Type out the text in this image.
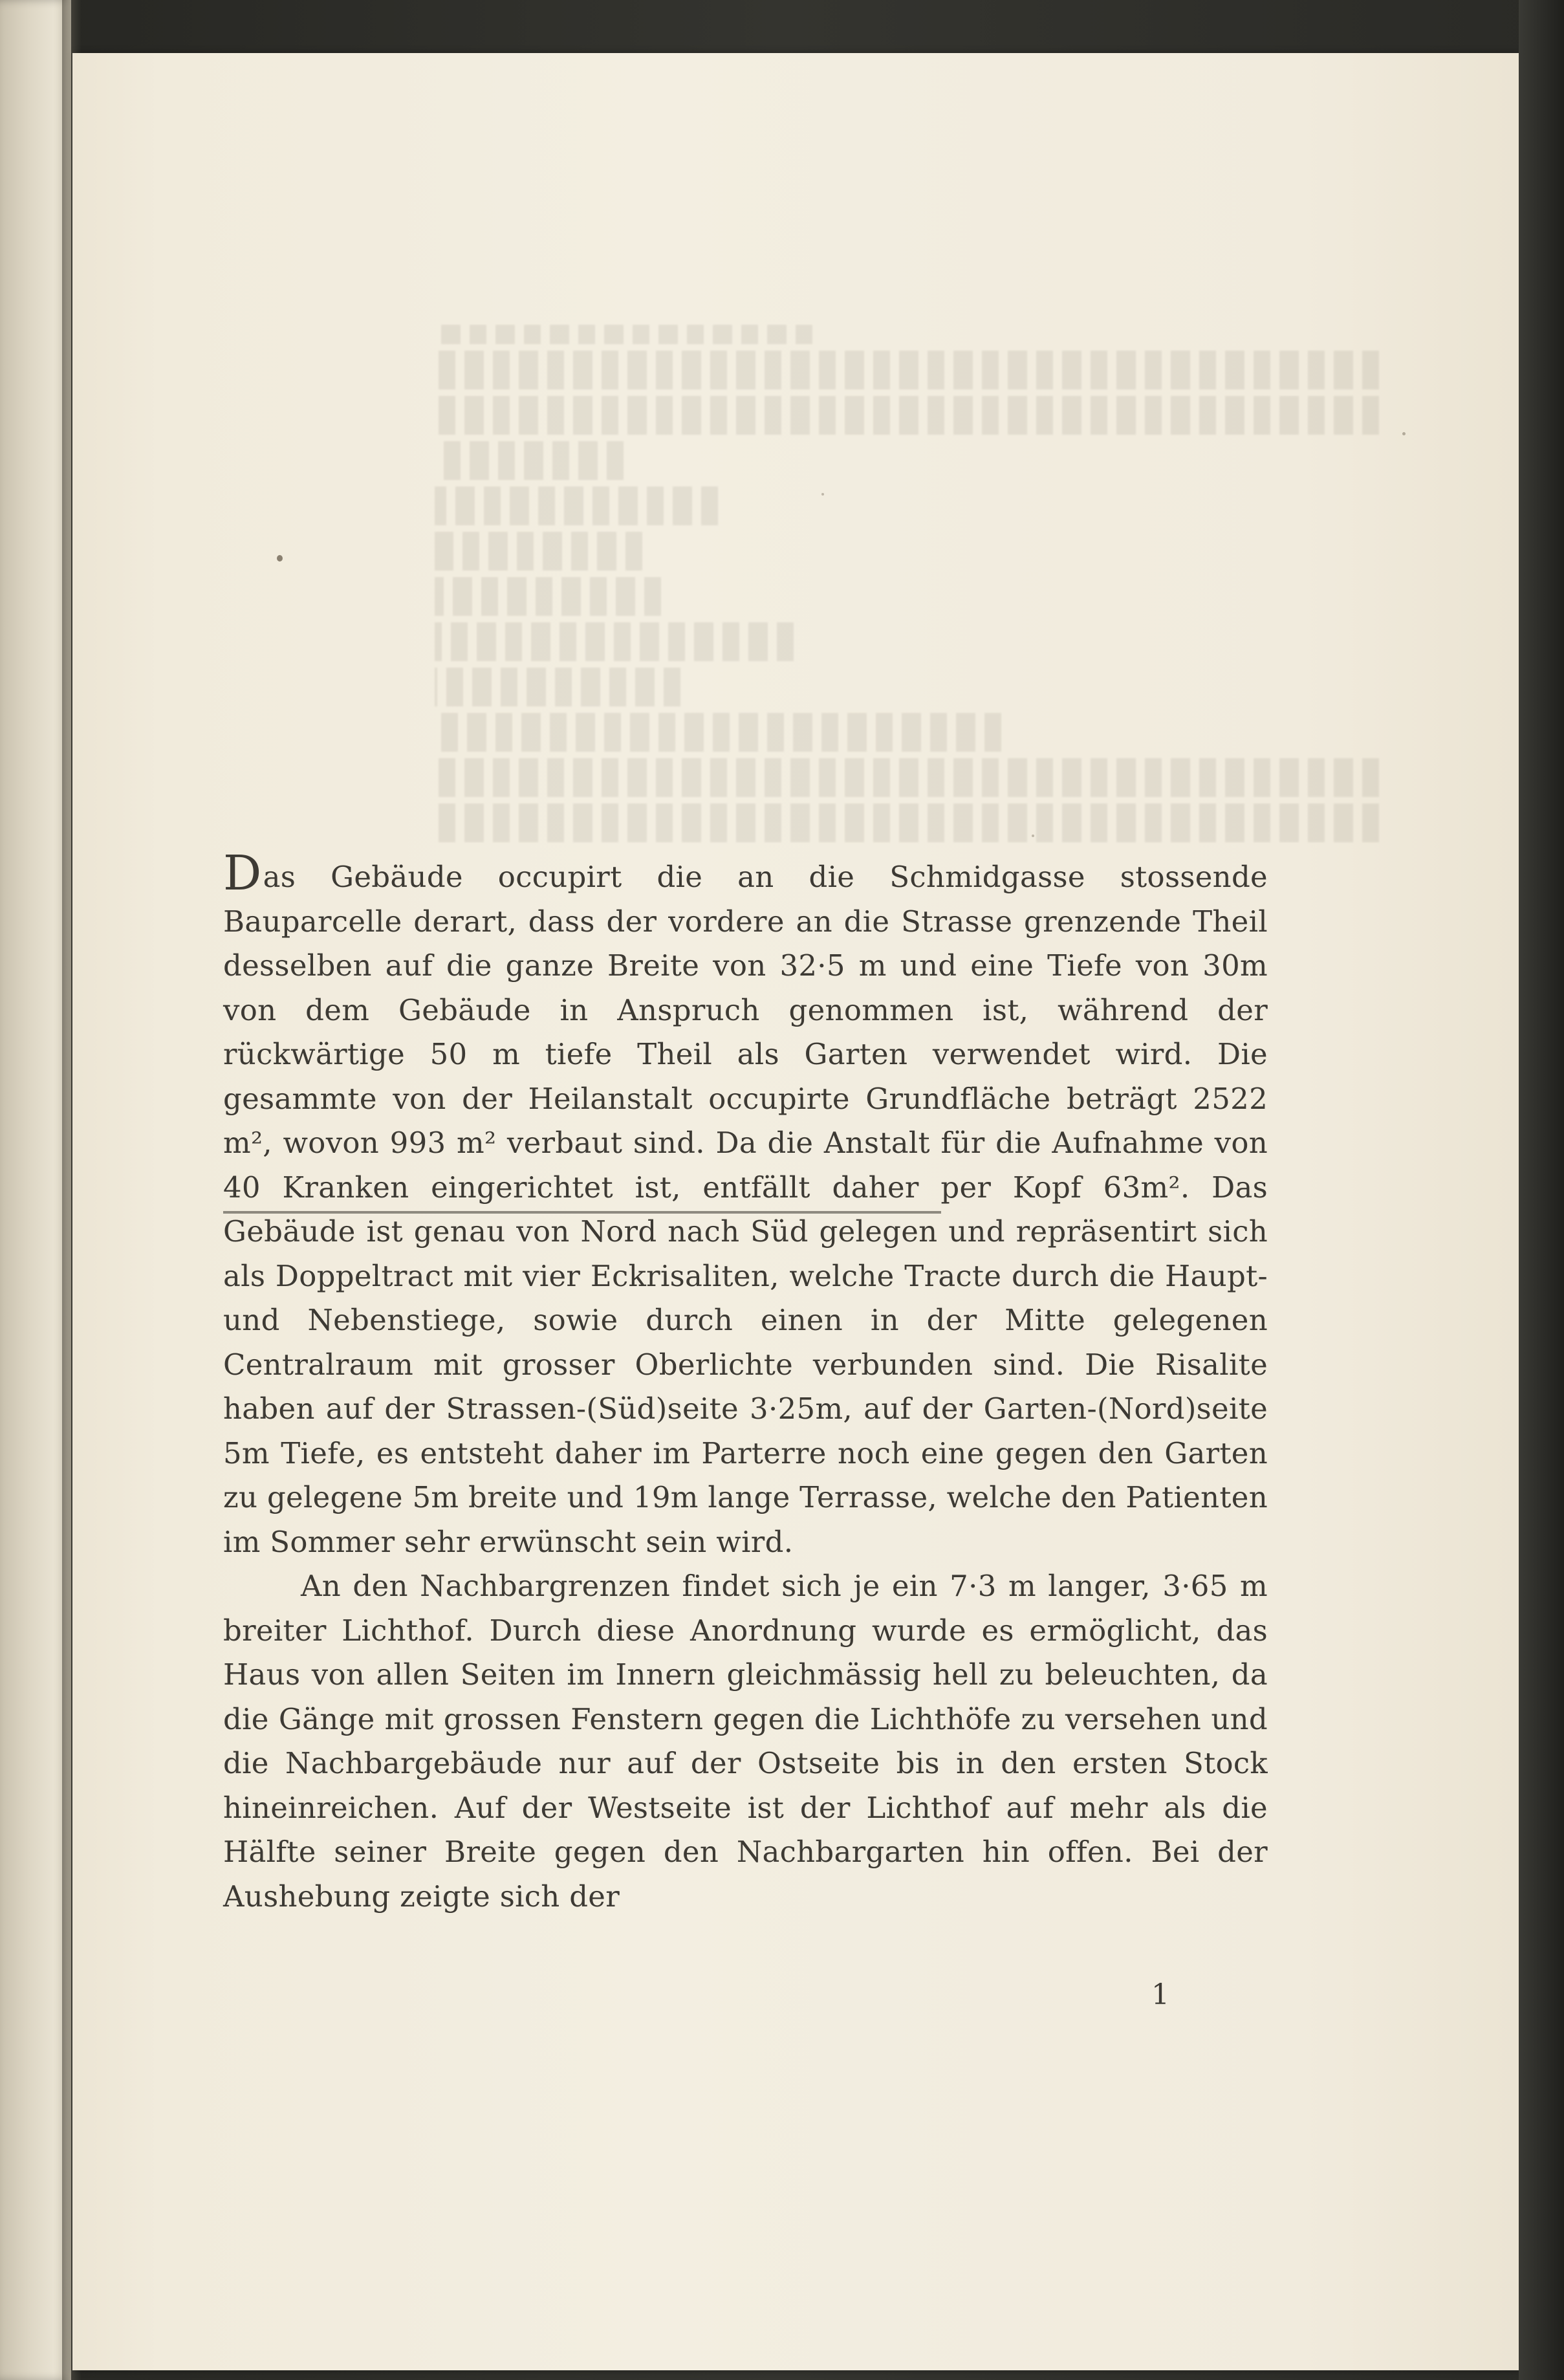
Das Gebäude occupirt die an die Schmidgasse stossende Bauparcelle derart, dass der vordere an die Strasse grenzende Theil desselben auf die ganze Breite von 32·5 m und eine Tiefe von 30m von dem Gebäude in Anspruch genommen ist, während der rückwärtige 50 m tiefe Theil als Garten verwendet wird. Die gesammte von der Heilanstalt occupirte Grundfläche beträgt 2522 m², wovon 993 m² verbaut sind. Da die Anstalt für die Aufnahme von 40 Kranken eingerichtet ist, entfällt daher per Kopf 63m². Das Gebäude ist genau von Nord nach Süd gelegen und repräsentirt sich als Doppeltract mit vier Eckrisaliten, welche Tracte durch die Haupt- und Nebenstiege, sowie durch einen in der Mitte gelegenen Centralraum mit grosser Oberlichte verbunden sind. Die Risalite haben auf der Strassen-(Süd)seite 3·25m, auf der Garten-(Nord)seite 5m Tiefe, es entsteht daher im Parterre noch eine gegen den Garten zu gelegene 5m breite und 19m lange Terrasse, welche den Patienten im Sommer sehr erwünscht sein wird.

An den Nachbargrenzen findet sich je ein 7·3 m langer, 3·65 m breiter Lichthof. Durch diese Anordnung wurde es ermöglicht, das Haus von allen Seiten im Innern gleichmässig hell zu beleuchten, da die Gänge mit grossen Fenstern gegen die Lichthöfe zu versehen und die Nachbargebäude nur auf der Ostseite bis in den ersten Stock hineinreichen. Auf der Westseite ist der Lichthof auf mehr als die Hälfte seiner Breite gegen den Nachbargarten hin offen. Bei der Aushebung zeigte sich der

1
